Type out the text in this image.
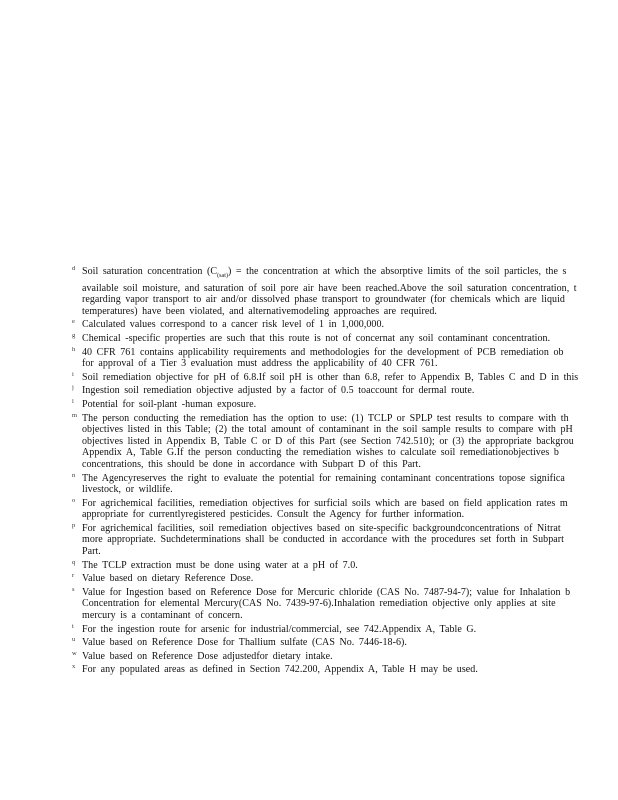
d Soil saturation concentration $(C_{(sat)})$ = the concentration at which the absorptive limits of the soil particles, the s
available soil moisture, and saturation of soil pore air have been reached.Above the soil saturation concentration, t
regarding vapor transport to air and/or dissolved phase transport to groundwater (for chemicals which are liquid
temperatures) have been violated, and alternativemodeling approaches are required.
e Calculated values correspond to a cancer risk level of 1 in 1,000,000.
g Chemical -specific properties are such that this route is not of concernat any soil contaminant concentration.
h 40 CFR 761 contains applicability requirements and methodologies for the development of PCB remediation ob
for approval of a Tier 3 evaluation must address the applicability of 40 CFR 761.
i Soil remediation objective for pH of 6.8.If soil pH is other than 6.8, refer to Appendix B, Tables C and D in this
j Ingestion soil remediation objective adjusted by a factor of 0.5 toaccount for dermal route.
l Potential for soil-plant -human exposure.
m The person conducting the remediation has the option to use: (1) TCLP or SPLP test results to compare with th
objectives listed in this Table; (2) the total amount of contaminant in the soil sample results to compare with pH
objectives listed in Appendix B, Table C or D of this Part (see Section 742.510); or (3) the appropriate backgrou
Appendix A, Table G.If the person conducting the remediation wishes to calculate soil remediationobjectives b
concentrations, this should be done in accordance with Subpart D of this Part.
n The Agencyreserves the right to evaluate the potential for remaining contaminant concentrations topose significa
livestock, or wildlife.
o For agrichemical facilities, remediation objectives for surficial soils which are based on field application rates m
appropriate for currentlyregistered pesticides. Consult the Agency for further information.
p For agrichemical facilities, soil remediation objectives based on site-specific backgroundconcentrations of Nitrat
more appropriate. Suchdeterminations shall be conducted in accordance with the procedures set forth in Subpart
Part.
q The TCLP extraction must be done using water at a pH of 7.0.
r Value based on dietary Reference Dose.
s Value for Ingestion based on Reference Dose for Mercuric chloride (CAS No. 7487-94-7); value for Inhalation b
Concentration for elemental Mercury(CAS No. 7439-97-6).Inhalation remediation objective only applies at site
mercury is a contaminant of concern.
t For the ingestion route for arsenic for industrial/commercial, see 742.Appendix A, Table G.
u Value based on Reference Dose for Thallium sulfate (CAS No. 7446-18-6).
w Value based on Reference Dose adjustedfor dietary intake.
x For any populated areas as defined in Section 742.200, Appendix A, Table H may be used.
